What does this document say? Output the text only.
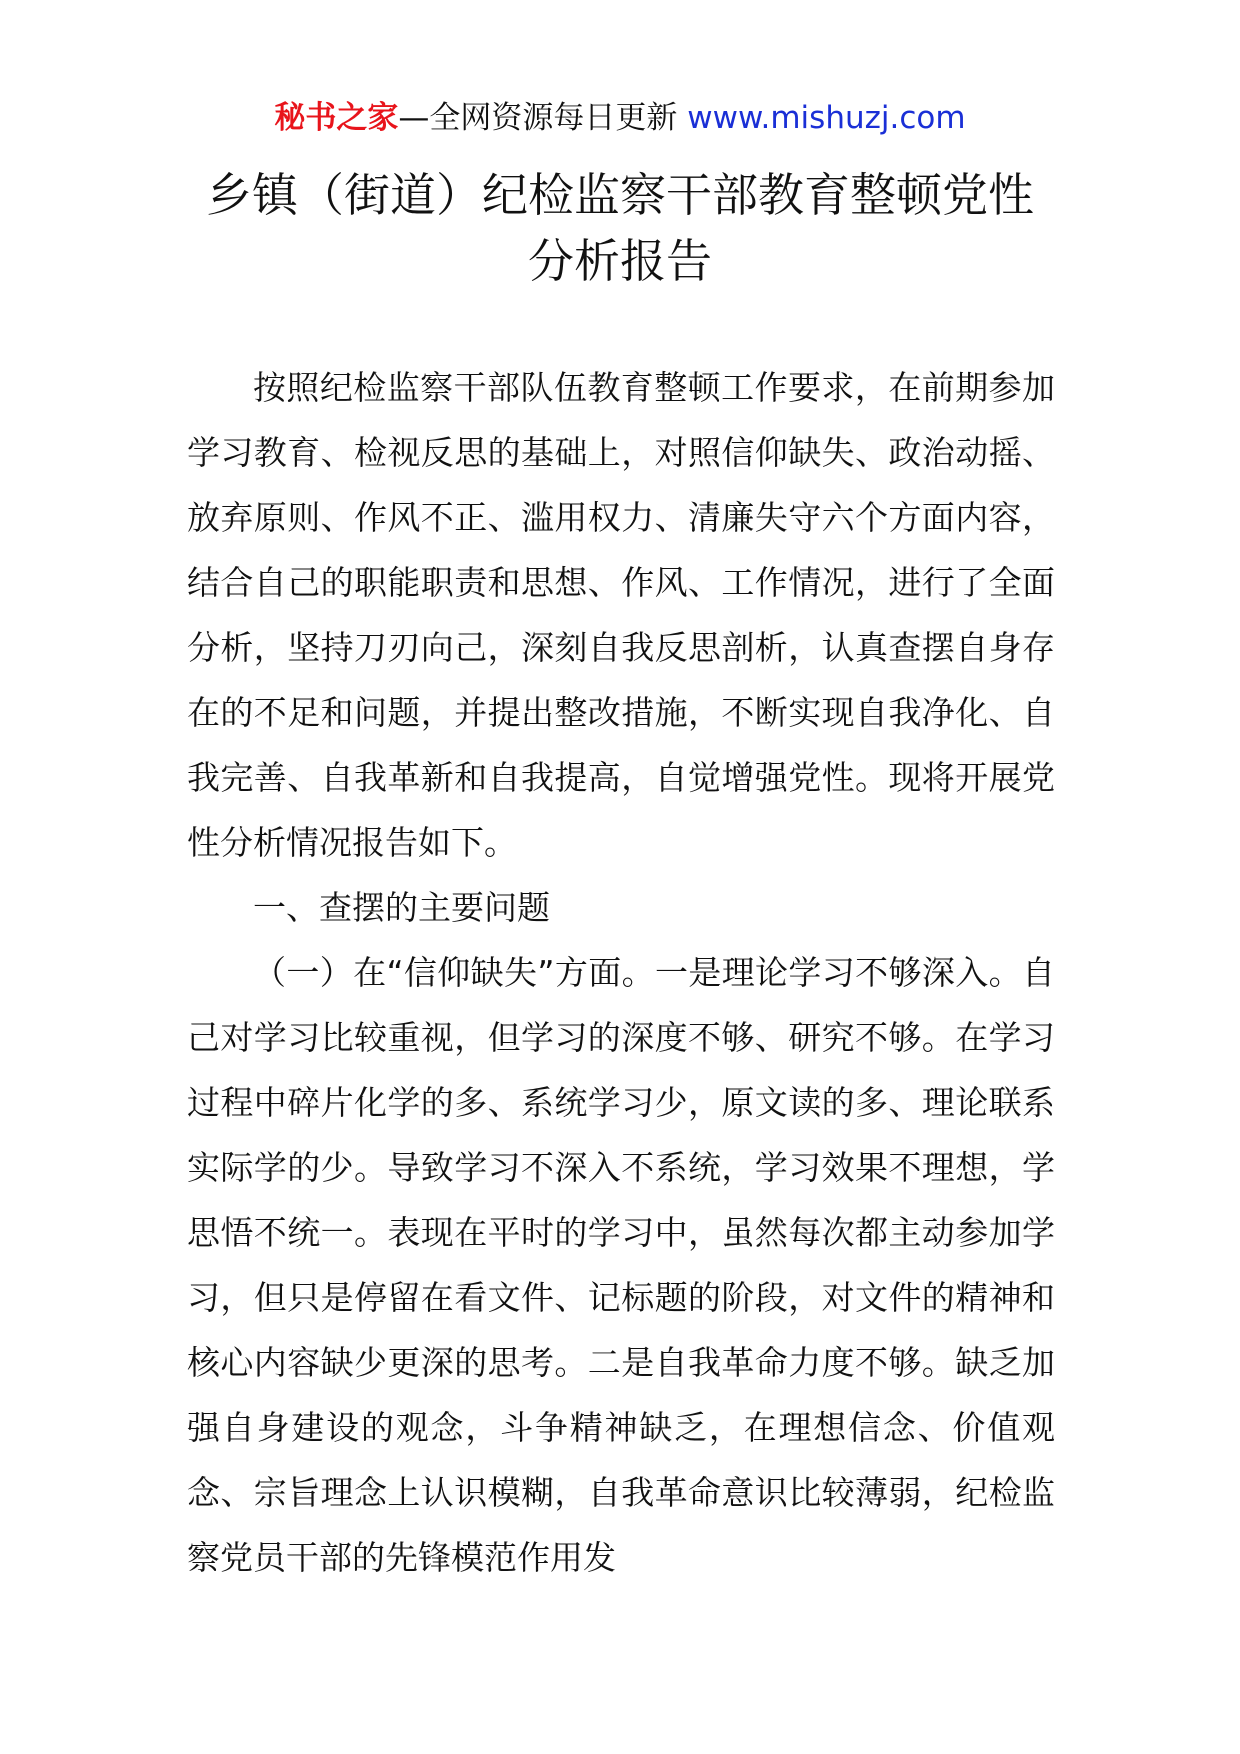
秘书之家—全网资源每日更新 www.mishuzj.com
乡镇（街道）纪检监察干部教育整顿党性
分析报告

按照纪检监察干部队伍教育整顿工作要求，在前期参加学习教育、检视反思的基础上，对照信仰缺失、政治动摇、放弃原则、作风不正、滥用权力、清廉失守六个方面内容，结合自己的职能职责和思想、作风、工作情况，进行了全面分析，坚持刀刃向己，深刻自我反思剖析，认真查摆自身存在的不足和问题，并提出整改措施，不断实现自我净化、自我完善、自我革新和自我提高，自觉增强党性。现将开展党性分析情况报告如下。

一、查摆的主要问题

（一）在“信仰缺失”方面。一是理论学习不够深入。自己对学习比较重视，但学习的深度不够、研究不够。在学习过程中碎片化学的多、系统学习少，原文读的多、理论联系实际学的少。导致学习不深入不系统，学习效果不理想，学思悟不统一。表现在平时的学习中，虽然每次都主动参加学习，但只是停留在看文件、记标题的阶段，对文件的精神和核心内容缺少更深的思考。二是自我革命力度不够。缺乏加强自身建设的观念，斗争精神缺乏，在理想信念、价值观念、宗旨理念上认识模糊，自我革命意识比较薄弱，纪检监察党员干部的先锋模范作用发
